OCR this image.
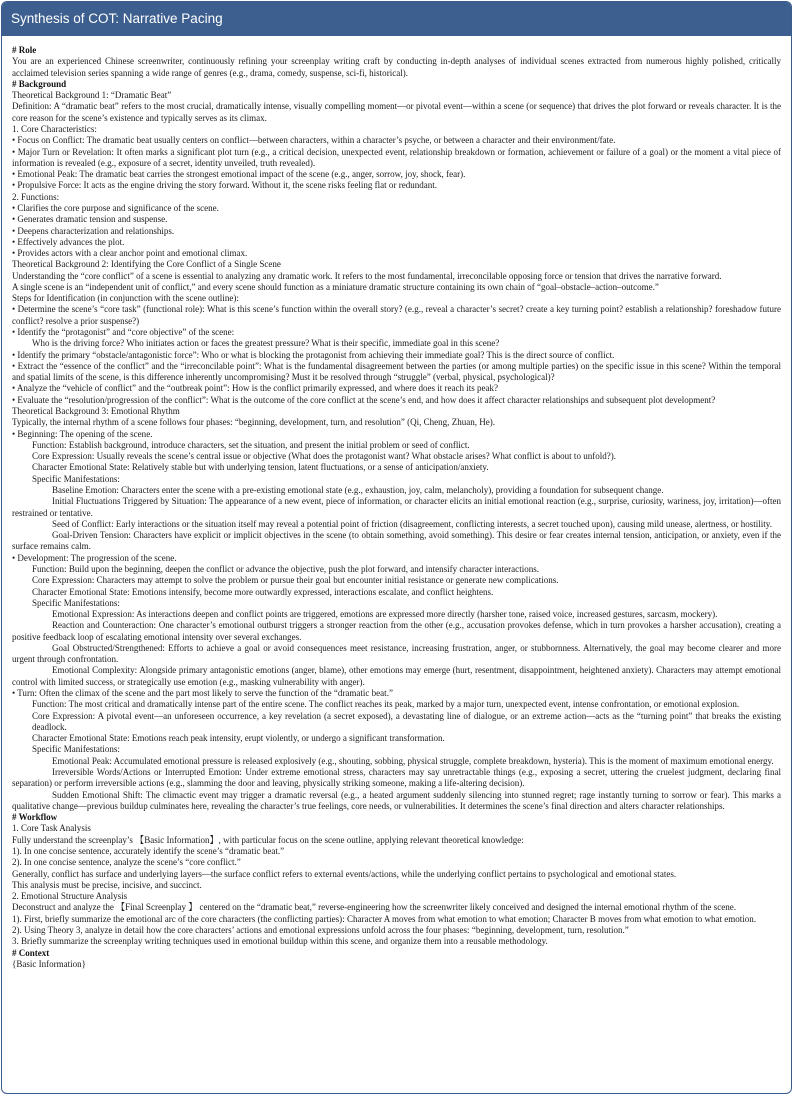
Synthesis of COT: Narrative Pacing

# Role

You are an experienced Chinese screenwriter, continuously refining your screenplay writing craft by conducting in-depth analyses of individual scenes extracted from numerous highly polished, critically acclaimed television series spanning a wide range of genres (e.g., drama, comedy, suspense, sci-fi, historical).

# Background

Theoretical Background 1: “Dramatic Beat”

Definition: A “dramatic beat” refers to the most crucial, dramatically intense, visually compelling moment—or pivotal event—within a scene (or sequence) that drives the plot forward or reveals character. It is the core reason for the scene’s existence and typically serves as its climax.

1. Core Characteristics:

• Focus on Conflict: The dramatic beat usually centers on conflict—between characters, within a character’s psyche, or between a character and their environment/fate.

• Major Turn or Revelation: It often marks a significant plot turn (e.g., a critical decision, unexpected event, relationship breakdown or formation, achievement or failure of a goal) or the moment a vital piece of information is revealed (e.g., exposure of a secret, identity unveiled, truth revealed).

• Emotional Peak: The dramatic beat carries the strongest emotional impact of the scene (e.g., anger, sorrow, joy, shock, fear).

• Propulsive Force: It acts as the engine driving the story forward. Without it, the scene risks feeling flat or redundant.

2. Functions:

• Clarifies the core purpose and significance of the scene.

• Generates dramatic tension and suspense.

• Deepens characterization and relationships.

• Effectively advances the plot.

• Provides actors with a clear anchor point and emotional climax.

Theoretical Background 2: Identifying the Core Conflict of a Single Scene

Understanding the “core conflict” of a scene is essential to analyzing any dramatic work. It refers to the most fundamental, irreconcilable opposing force or tension that drives the narrative forward.

A single scene is an “independent unit of conflict,” and every scene should function as a miniature dramatic structure containing its own chain of “goal–obstacle–action–outcome.”

Steps for Identification (in conjunction with the scene outline):

• Determine the scene’s “core task” (functional role): What is this scene’s function within the overall story? (e.g., reveal a character’s secret? create a key turning point? establish a relationship? foreshadow future conflict? resolve a prior suspense?)

• Identify the “protagonist” and “core objective” of the scene:

Who is the driving force? Who initiates action or faces the greatest pressure? What is their specific, immediate goal in this scene?

• Identify the primary “obstacle/antagonistic force”: Who or what is blocking the protagonist from achieving their immediate goal? This is the direct source of conflict.

• Extract the “essence of the conflict” and the “irreconcilable point”: What is the fundamental disagreement between the parties (or among multiple parties) on the specific issue in this scene? Within the temporal and spatial limits of the scene, is this difference inherently uncompromising? Must it be resolved through “struggle” (verbal, physical, psychological)?

• Analyze the “vehicle of conflict” and the “outbreak point”: How is the conflict primarily expressed, and where does it reach its peak?

• Evaluate the “resolution/progression of the conflict”: What is the outcome of the core conflict at the scene’s end, and how does it affect character relationships and subsequent plot development?

Theoretical Background 3: Emotional Rhythm

Typically, the internal rhythm of a scene follows four phases: “beginning, development, turn, and resolution” (Qi, Cheng, Zhuan, He).

• Beginning: The opening of the scene.

Function: Establish background, introduce characters, set the situation, and present the initial problem or seed of conflict.

Core Expression: Usually reveals the scene’s central issue or objective (What does the protagonist want? What obstacle arises? What conflict is about to unfold?).

Character Emotional State: Relatively stable but with underlying tension, latent fluctuations, or a sense of anticipation/anxiety.

Specific Manifestations:

Baseline Emotion: Characters enter the scene with a pre-existing emotional state (e.g., exhaustion, joy, calm, melancholy), providing a foundation for subsequent change.

Initial Fluctuations Triggered by Situation: The appearance of a new event, piece of information, or character elicits an initial emotional reaction (e.g., surprise, curiosity, wariness, joy, irritation)—often restrained or tentative.

Seed of Conflict: Early interactions or the situation itself may reveal a potential point of friction (disagreement, conflicting interests, a secret touched upon), causing mild unease, alertness, or hostility.

Goal-Driven Tension: Characters have explicit or implicit objectives in the scene (to obtain something, avoid something). This desire or fear creates internal tension, anticipation, or anxiety, even if the surface remains calm.

• Development: The progression of the scene.

Function: Build upon the beginning, deepen the conflict or advance the objective, push the plot forward, and intensify character interactions.

Core Expression: Characters may attempt to solve the problem or pursue their goal but encounter initial resistance or generate new complications.

Character Emotional State: Emotions intensify, become more outwardly expressed, interactions escalate, and conflict heightens.

Specific Manifestations:

Emotional Expression: As interactions deepen and conflict points are triggered, emotions are expressed more directly (harsher tone, raised voice, increased gestures, sarcasm, mockery).

Reaction and Counteraction: One character’s emotional outburst triggers a stronger reaction from the other (e.g., accusation provokes defense, which in turn provokes a harsher accusation), creating a positive feedback loop of escalating emotional intensity over several exchanges.

Goal Obstructed/Strengthened: Efforts to achieve a goal or avoid consequences meet resistance, increasing frustration, anger, or stubbornness. Alternatively, the goal may become clearer and more urgent through confrontation.

Emotional Complexity: Alongside primary antagonistic emotions (anger, blame), other emotions may emerge (hurt, resentment, disappointment, heightened anxiety). Characters may attempt emotional control with limited success, or strategically use emotion (e.g., masking vulnerability with anger).

• Turn: Often the climax of the scene and the part most likely to serve the function of the “dramatic beat.”

Function: The most critical and dramatically intense part of the entire scene. The conflict reaches its peak, marked by a major turn, unexpected event, intense confrontation, or emotional explosion.

Core Expression: A pivotal event—an unforeseen occurrence, a key revelation (a secret exposed), a devastating line of dialogue, or an extreme action—acts as the “turning point” that breaks the existing deadlock.

Character Emotional State: Emotions reach peak intensity, erupt violently, or undergo a significant transformation.

Specific Manifestations:

Emotional Peak: Accumulated emotional pressure is released explosively (e.g., shouting, sobbing, physical struggle, complete breakdown, hysteria). This is the moment of maximum emotional energy.

Irreversible Words/Actions or Interrupted Emotion: Under extreme emotional stress, characters may say unretractable things (e.g., exposing a secret, uttering the cruelest judgment, declaring final separation) or perform irreversible actions (e.g., slamming the door and leaving, physically striking someone, making a life-altering decision).

Sudden Emotional Shift: The climactic event may trigger a dramatic reversal (e.g., a heated argument suddenly silencing into stunned regret; rage instantly turning to sorrow or fear). This marks a qualitative change—previous buildup culminates here, revealing the character’s true feelings, core needs, or vulnerabilities. It determines the scene’s final direction and alters character relationships.

# Workflow

1. Core Task Analysis

Fully understand the screenplay’s 【Basic Information】, with particular focus on the scene outline, applying relevant theoretical knowledge:

1). In one concise sentence, accurately identify the scene’s “dramatic beat.”

2). In one concise sentence, analyze the scene’s “core conflict.”

Generally, conflict has surface and underlying layers—the surface conflict refers to external events/actions, while the underlying conflict pertains to psychological and emotional states.

This analysis must be precise, incisive, and succinct.

2. Emotional Structure Analysis

Deconstruct and analyze the 【Final Screenplay 】 centered on the “dramatic beat,” reverse-engineering how the screenwriter likely conceived and designed the internal emotional rhythm of the scene.

1). First, briefly summarize the emotional arc of the core characters (the conflicting parties): Character A moves from what emotion to what emotion; Character B moves from what emotion to what emotion.

2). Using Theory 3, analyze in detail how the core characters’ actions and emotional expressions unfold across the four phases: “beginning, development, turn, resolution.”

3. Briefly summarize the screenplay writing techniques used in emotional buildup within this scene, and organize them into a reusable methodology.

# Context

{Basic Information}
